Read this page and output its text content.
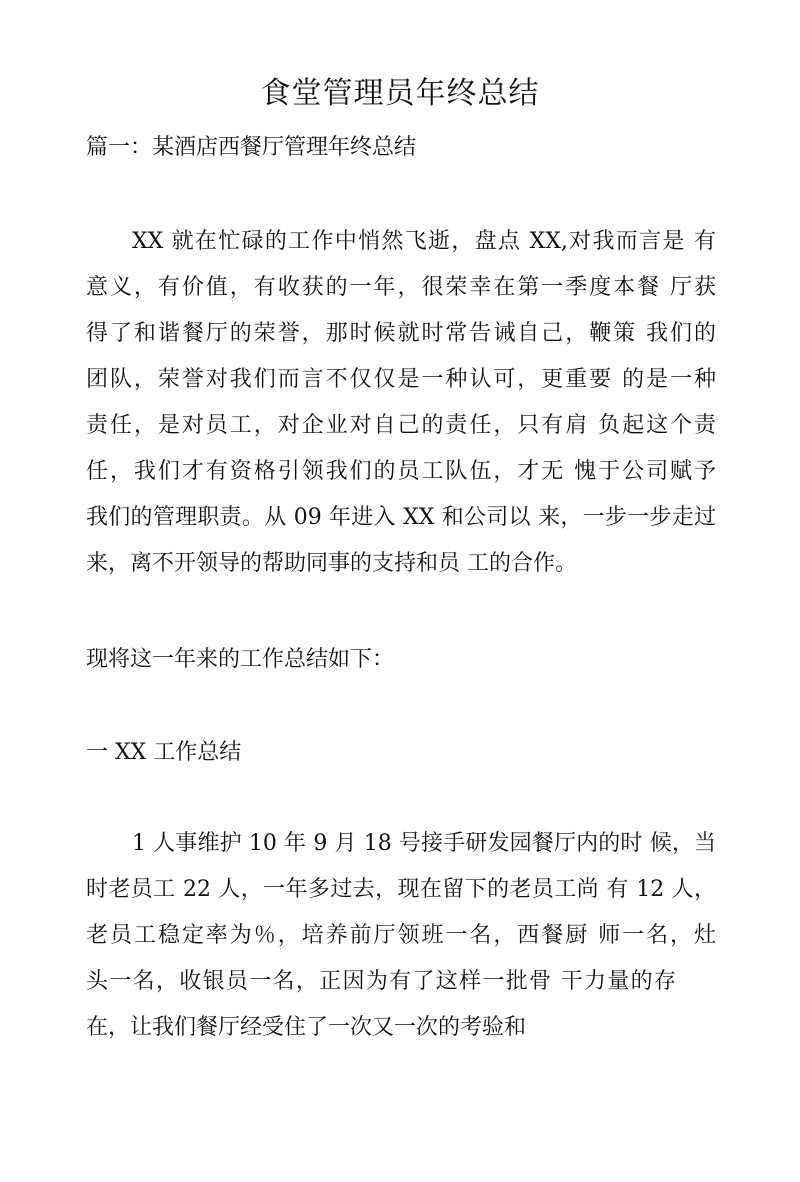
食堂管理员年终总结

篇一：某酒店西餐厅管理年终总结

XX 就在忙碌的工作中悄然飞逝，盘点 XX,对我而言是 有

意义，有价值，有收获的一年，很荣幸在第一季度本餐 厅获

得了和谐餐厅的荣誉，那时候就时常告诫自己，鞭策 我们的

团队，荣誉对我们而言不仅仅是一种认可，更重要 的是一种

责任，是对员工，对企业对自己的责任，只有肩 负起这个责

任，我们才有资格引领我们的员工队伍，才无 愧于公司赋予

我们的管理职责。从 09 年进入 XX 和公司以 来，一步一步走过

来，离不开领导的帮助同事的支持和员 工的合作。

现将这一年来的工作总结如下：

一 XX 工作总结

1 人事维护 10 年 9 月 18 号接手研发园餐厅内的时 候，当

时老员工 22 人，一年多过去，现在留下的老员工尚 有 12 人，

老员工稳定率为％，培养前厅领班一名，西餐厨 师一名，灶

头一名，收银员一名，正因为有了这样一批骨 干力量的存

在，让我们餐厅经受住了一次又一次的考验和
